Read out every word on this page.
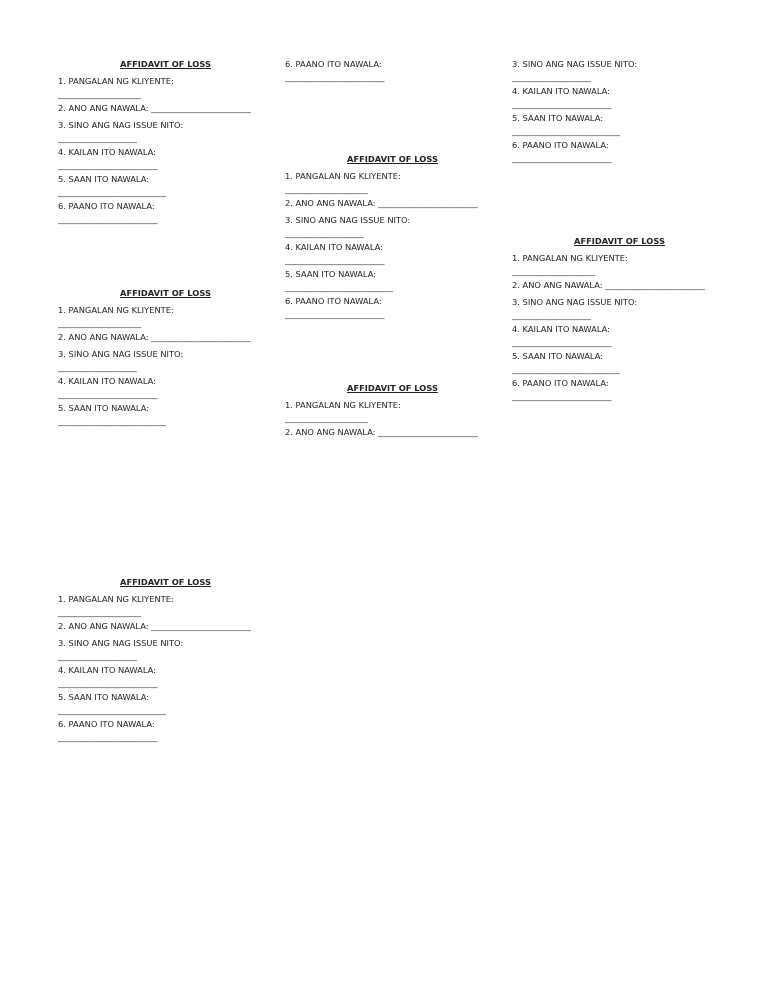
AFFIDAVIT OF LOSS
1. PANGALAN NG KLIYENTE:
____________________
2. ANO ANG NAWALA: ________________________
3. SINO ANG NAG ISSUE NITO:
___________________
4. KAILAN ITO NAWALA:
________________________
5. SAAN ITO NAWALA:
__________________________
6. PAANO ITO NAWALA:
________________________
AFFIDAVIT OF LOSS
1. PANGALAN NG KLIYENTE:
____________________
2. ANO ANG NAWALA: ________________________
3. SINO ANG NAG ISSUE NITO:
___________________
4. KAILAN ITO NAWALA:
________________________
5. SAAN ITO NAWALA:
__________________________
AFFIDAVIT OF LOSS
1. PANGALAN NG KLIYENTE:
____________________
2. ANO ANG NAWALA: ________________________
3. SINO ANG NAG ISSUE NITO:
___________________
4. KAILAN ITO NAWALA:
________________________
5. SAAN ITO NAWALA:
__________________________
6. PAANO ITO NAWALA:
________________________
6. PAANO ITO NAWALA:
________________________
AFFIDAVIT OF LOSS
1. PANGALAN NG KLIYENTE:
____________________
2. ANO ANG NAWALA: ________________________
3. SINO ANG NAG ISSUE NITO:
___________________
4. KAILAN ITO NAWALA:
________________________
5. SAAN ITO NAWALA:
__________________________
6. PAANO ITO NAWALA:
________________________
AFFIDAVIT OF LOSS
1. PANGALAN NG KLIYENTE:
____________________
2. ANO ANG NAWALA: ________________________
3. SINO ANG NAG ISSUE NITO:
___________________
4. KAILAN ITO NAWALA:
________________________
5. SAAN ITO NAWALA:
__________________________
6. PAANO ITO NAWALA:
________________________
AFFIDAVIT OF LOSS
1. PANGALAN NG KLIYENTE:
____________________
2. ANO ANG NAWALA: ________________________
3. SINO ANG NAG ISSUE NITO:
___________________
4. KAILAN ITO NAWALA:
________________________
5. SAAN ITO NAWALA:
__________________________
6. PAANO ITO NAWALA:
________________________
